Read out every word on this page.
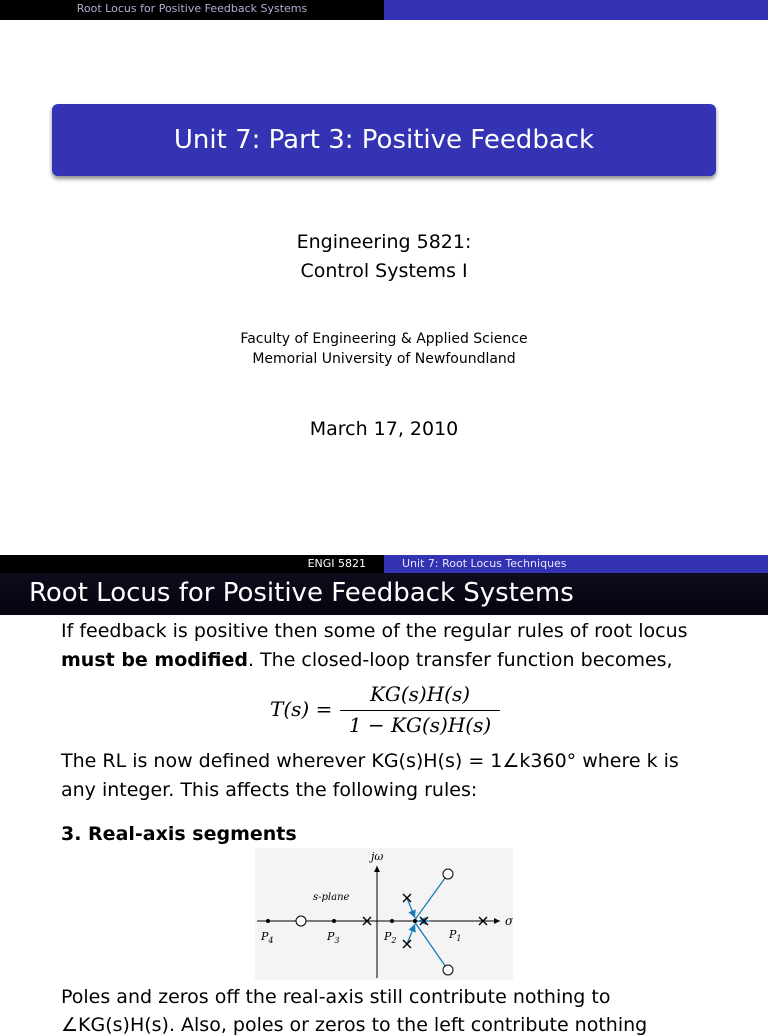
Root Locus for Positive Feedback Systems
Unit 7: Part 3: Positive Feedback
Engineering 5821:
Control Systems I
Faculty of Engineering & Applied Science
Memorial University of Newfoundland
March 17, 2010
ENGI 5821	Unit 7: Root Locus Techniques
Root Locus for Positive Feedback Systems
If feedback is positive then some of the regular rules of root locus
must be modified. The closed-loop transfer function becomes,
T(s) =
KG(s)H(s)
1 − KG(s)H(s)
The RL is now defined wherever KG(s)H(s) = 1∠k360° where k is
any integer. This affects the following rules:
3. Real-axis segments
jω
s-plane
σ
$P_4$	$P_3$	$P_2$	$P_1$
Poles and zeros off the real-axis still contribute nothing to
∠KG(s)H(s). Also, poles or zeros to the left contribute nothing
